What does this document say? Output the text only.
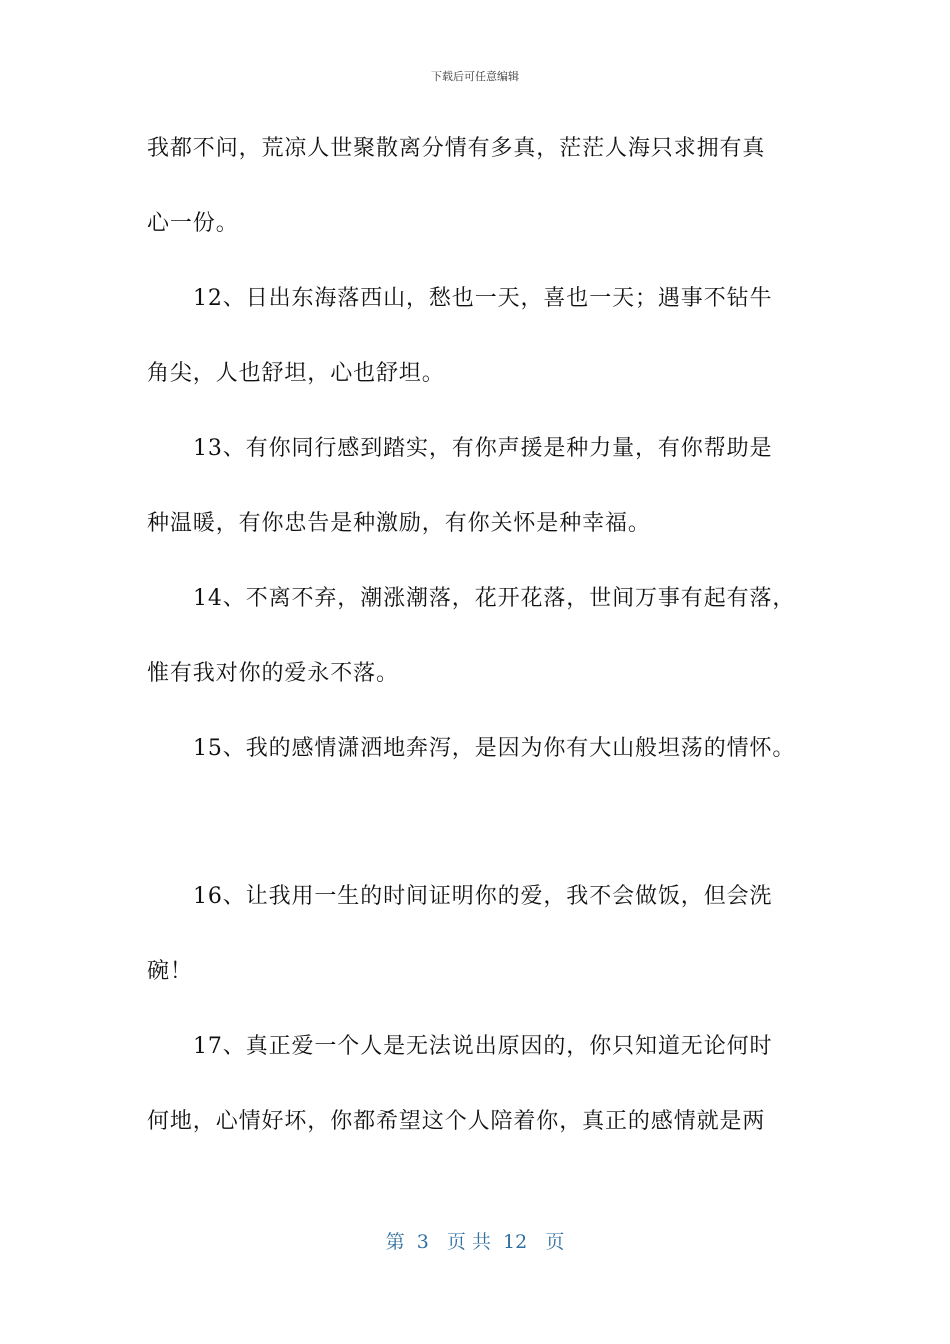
下载后可任意编辑
我都不问，荒凉人世聚散离分情有多真，茫茫人海只求拥有真
心一份。
12、日出东海落西山，愁也一天，喜也一天；遇事不钻牛
角尖，人也舒坦，心也舒坦。
13、有你同行感到踏实，有你声援是种力量，有你帮助是
种温暖，有你忠告是种激励，有你关怀是种幸福。
14、不离不弃，潮涨潮落，花开花落，世间万事有起有落，
惟有我对你的爱永不落。
15、我的感情潇洒地奔泻，是因为你有大山般坦荡的情怀。
16、让我用一生的时间证明你的爱，我不会做饭，但会洗
碗！
17、真正爱一个人是无法说出原因的，你只知道无论何时
何地，心情好坏，你都希望这个人陪着你，真正的感情就是两
第  3   页 共  12   页
